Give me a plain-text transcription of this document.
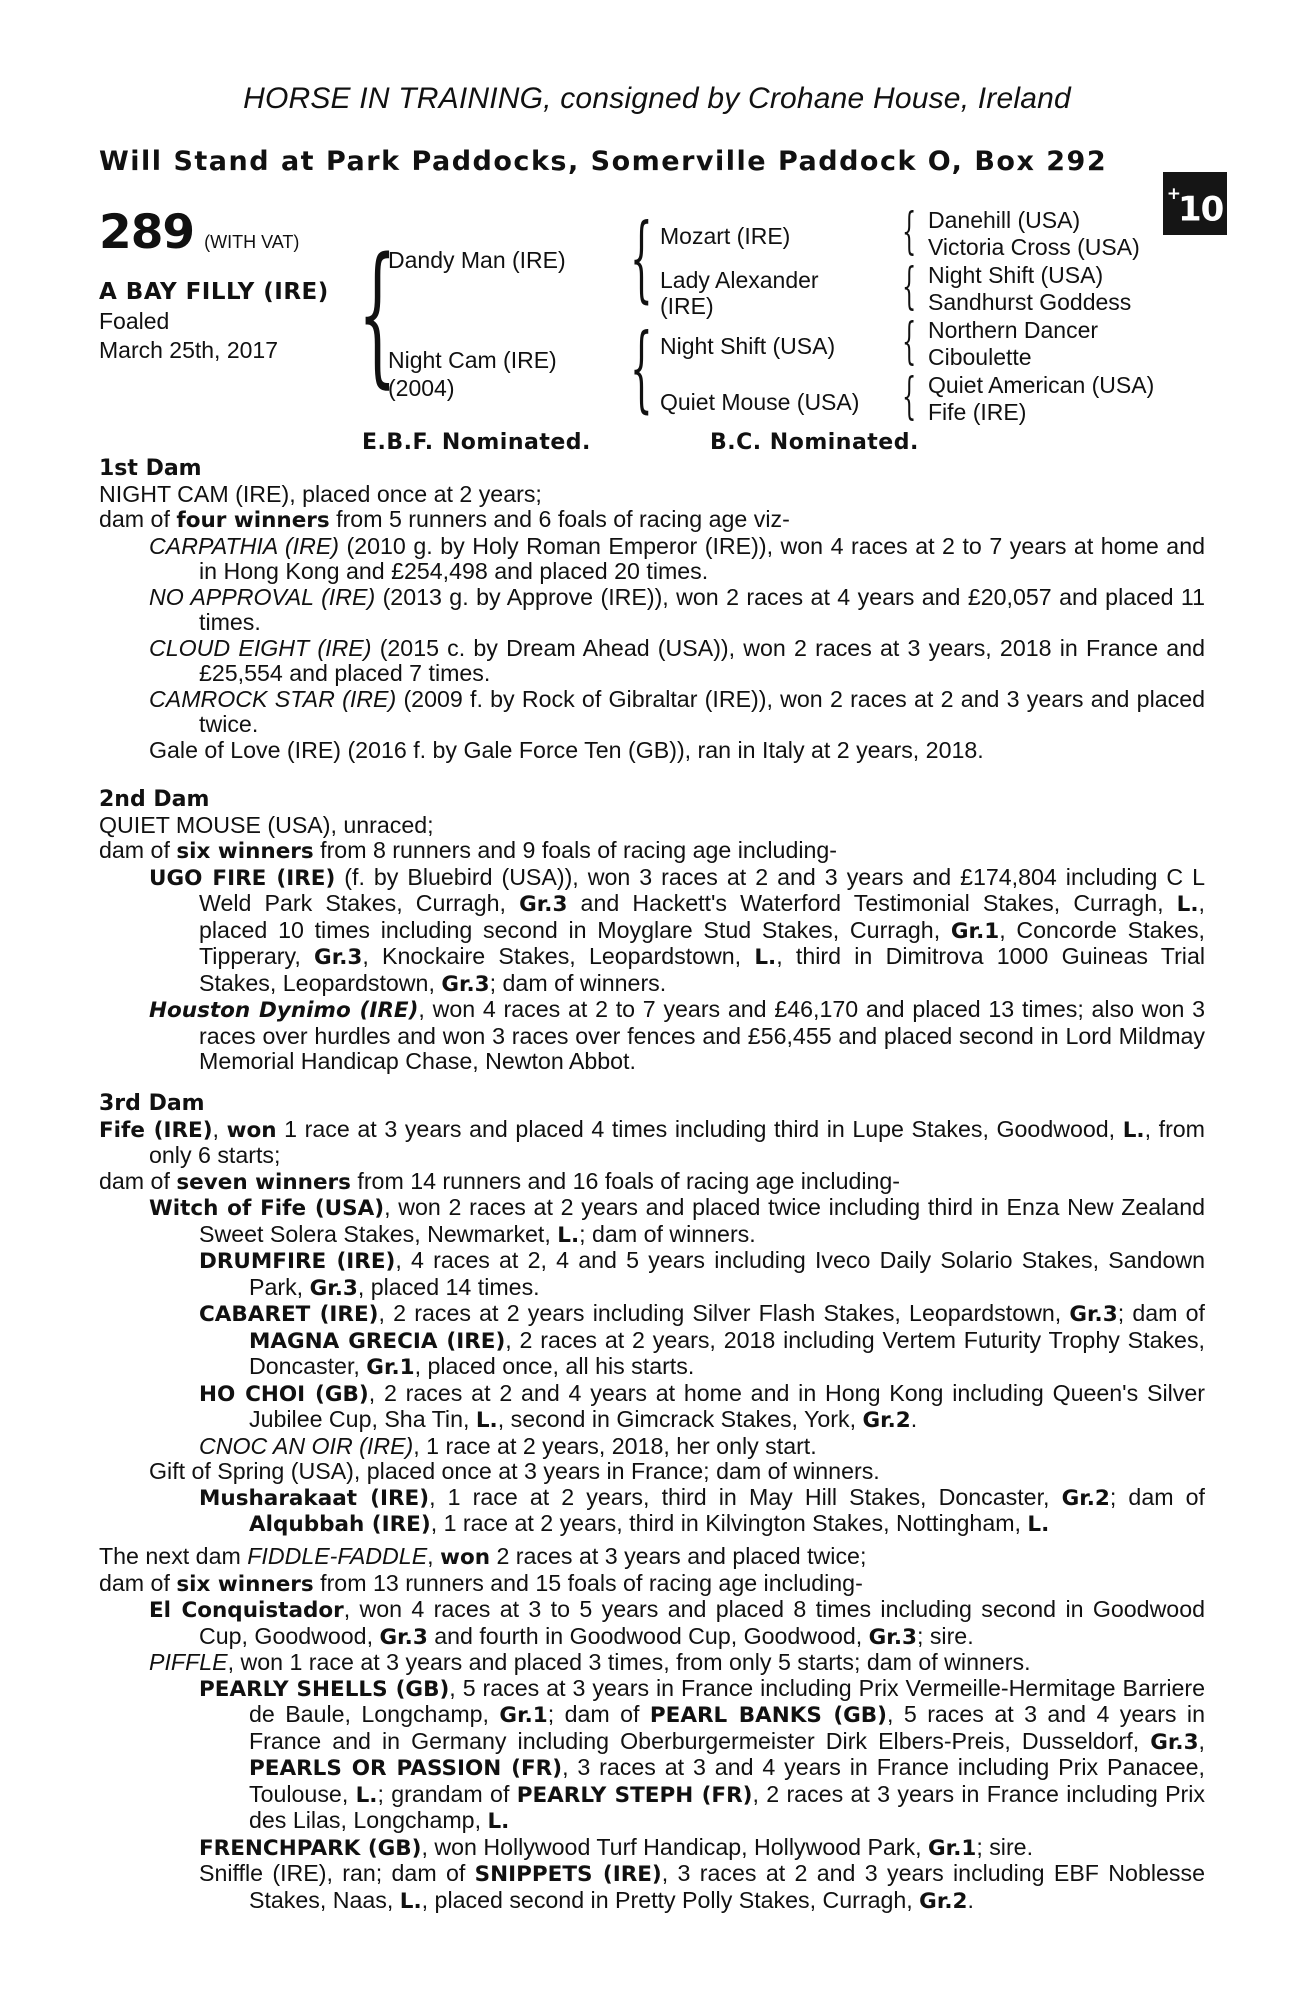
HORSE IN TRAINING, consigned by Crohane House, Ireland
Will Stand at Park Paddocks, Somerville Paddock O, Box 292
+10
289 (WITH VAT)
A BAY FILLY (IRE)
Foaled
March 25th, 2017 {
Dandy Man (IRE)
Night Cam (IRE)
(2004)
{ Mozart (IRE)
Lady Alexander
(IRE)
{ Night Shift (USA)
Quiet Mouse (USA)
{ Danehill (USA)
Victoria Cross (USA)
{ Night Shift (USA)
Sandhurst Goddess
{ Northern Dancer
Ciboulette
{ Quiet American (USA)
Fife (IRE)
E.B.F. Nominated.	B.C. Nominated.

1st Dam

NIGHT CAM (IRE), placed once at 2 years;

dam of four winners from 5 runners and 6 foals of racing age viz-

CARPATHIA (IRE) (2010 g. by Holy Roman Emperor (IRE)), won 4 races at 2 to 7 years at home and in Hong Kong and £254,498 and placed 20 times.

NO APPROVAL (IRE) (2013 g. by Approve (IRE)), won 2 races at 4 years and £20,057 and placed 11 times.

CLOUD EIGHT (IRE) (2015 c. by Dream Ahead (USA)), won 2 races at 3 years, 2018 in France and £25,554 and placed 7 times.

CAMROCK STAR (IRE) (2009 f. by Rock of Gibraltar (IRE)), won 2 races at 2 and 3 years and placed twice.

Gale of Love (IRE) (2016 f. by Gale Force Ten (GB)), ran in Italy at 2 years, 2018.

2nd Dam

QUIET MOUSE (USA), unraced;

dam of six winners from 8 runners and 9 foals of racing age including-

UGO FIRE (IRE) (f. by Bluebird (USA)), won 3 races at 2 and 3 years and £174,804 including C L Weld Park Stakes, Curragh, Gr.3 and Hackett's Waterford Testimonial Stakes, Curragh, L., placed 10 times including second in Moyglare Stud Stakes, Curragh, Gr.1, Concorde Stakes, Tipperary, Gr.3, Knockaire Stakes, Leopardstown, L., third in Dimitrova 1000 Guineas Trial Stakes, Leopardstown, Gr.3; dam of winners.

Houston Dynimo (IRE), won 4 races at 2 to 7 years and £46,170 and placed 13 times; also won 3 races over hurdles and won 3 races over fences and £56,455 and placed second in Lord Mildmay Memorial Handicap Chase, Newton Abbot.

3rd Dam

Fife (IRE), won 1 race at 3 years and placed 4 times including third in Lupe Stakes, Goodwood, L., from only 6 starts;

dam of seven winners from 14 runners and 16 foals of racing age including-

Witch of Fife (USA), won 2 races at 2 years and placed twice including third in Enza New Zealand Sweet Solera Stakes, Newmarket, L.; dam of winners.

DRUMFIRE (IRE), 4 races at 2, 4 and 5 years including Iveco Daily Solario Stakes, Sandown Park, Gr.3, placed 14 times.

CABARET (IRE), 2 races at 2 years including Silver Flash Stakes, Leopardstown, Gr.3; dam of MAGNA GRECIA (IRE), 2 races at 2 years, 2018 including Vertem Futurity Trophy Stakes, Doncaster, Gr.1, placed once, all his starts.

HO CHOI (GB), 2 races at 2 and 4 years at home and in Hong Kong including Queen's Silver Jubilee Cup, Sha Tin, L., second in Gimcrack Stakes, York, Gr.2.

CNOC AN OIR (IRE), 1 race at 2 years, 2018, her only start.

Gift of Spring (USA), placed once at 3 years in France; dam of winners.

Musharakaat (IRE), 1 race at 2 years, third in May Hill Stakes, Doncaster, Gr.2; dam of Alqubbah (IRE), 1 race at 2 years, third in Kilvington Stakes, Nottingham, L.

The next dam FIDDLE-FADDLE, won 2 races at 3 years and placed twice;

dam of six winners from 13 runners and 15 foals of racing age including-

El Conquistador, won 4 races at 3 to 5 years and placed 8 times including second in Goodwood Cup, Goodwood, Gr.3 and fourth in Goodwood Cup, Goodwood, Gr.3; sire.

PIFFLE, won 1 race at 3 years and placed 3 times, from only 5 starts; dam of winners.

PEARLY SHELLS (GB), 5 races at 3 years in France including Prix Vermeille-Hermitage Barriere de Baule, Longchamp, Gr.1; dam of PEARL BANKS (GB), 5 races at 3 and 4 years in France and in Germany including Oberburgermeister Dirk Elbers-Preis, Dusseldorf, Gr.3, PEARLS OR PASSION (FR), 3 races at 3 and 4 years in France including Prix Panacee, Toulouse, L.; grandam of PEARLY STEPH (FR), 2 races at 3 years in France including Prix des Lilas, Longchamp, L.

FRENCHPARK (GB), won Hollywood Turf Handicap, Hollywood Park, Gr.1; sire.

Sniffle (IRE), ran; dam of SNIPPETS (IRE), 3 races at 2 and 3 years including EBF Noblesse Stakes, Naas, L., placed second in Pretty Polly Stakes, Curragh, Gr.2.
